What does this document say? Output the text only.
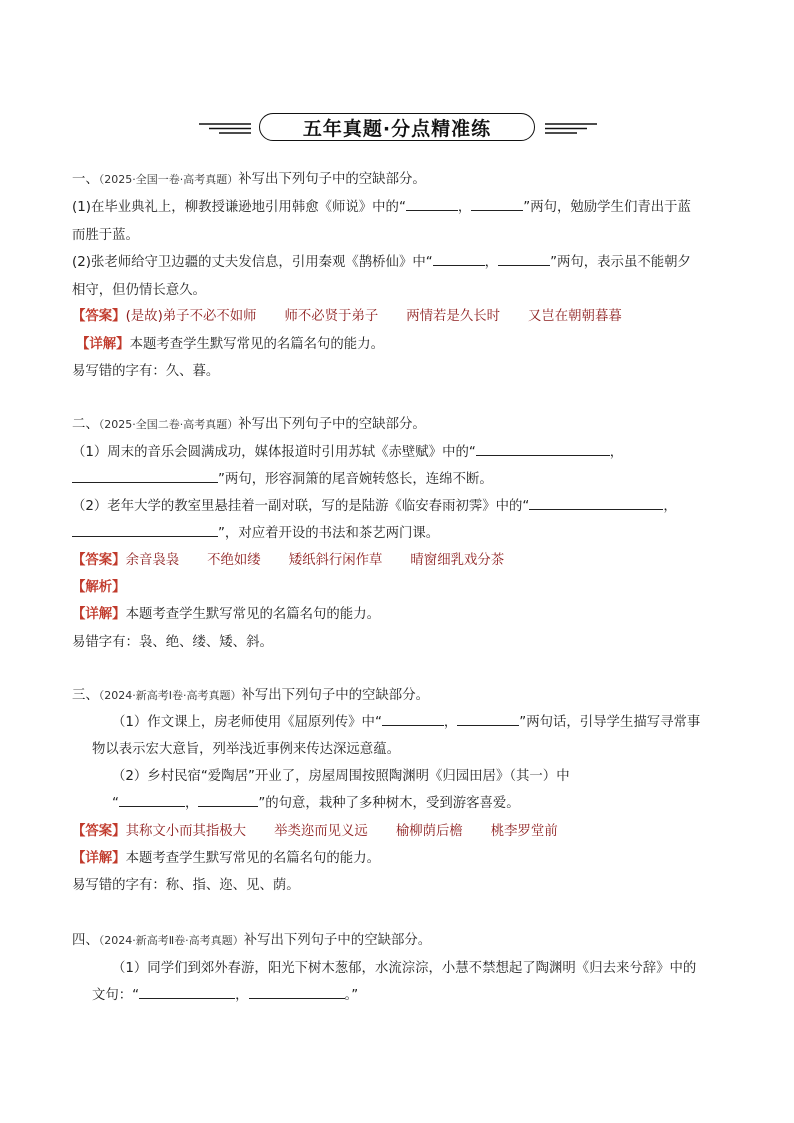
五年真题·分点精准练
一、（2025·全国一卷·高考真题）补写出下列句子中的空缺部分。
(1)在毕业典礼上，柳教授谦逊地引用韩愈《师说》中的“	，	”两句，勉励学生们青出于蓝
而胜于蓝。
(2)张老师给守卫边疆的丈夫发信息，引用秦观《鹊桥仙》中“	，	”两句，表示虽不能朝夕
相守，但仍情长意久。
【答案】(是故)弟子不必不如师 师不必贤于弟子 两情若是久长时 又岂在朝朝暮暮
【详解】本题考查学生默写常见的名篇名句的能力。
易写错的字有：久、暮。
二、（2025·全国二卷·高考真题）补写出下列句子中的空缺部分。
（1）周末的音乐会圆满成功，媒体报道时引用苏轼《赤壁赋》中的“	，
”两句，形容洞箫的尾音婉转悠长，连绵不断。
（2）老年大学的教室里悬挂着一副对联，写的是陆游《临安春雨初霁》中的“	，
”，对应着开设的书法和茶艺两门课。
【答案】余音袅袅 不绝如缕 矮纸斜行闲作草 晴窗细乳戏分茶
【解析】
【详解】本题考查学生默写常见的名篇名句的能力。
易错字有：袅、绝、缕、矮、斜。
三、（2024·新高考Ⅰ卷·高考真题）补写出下列句子中的空缺部分。
（1）作文课上，房老师使用《屈原列传》中“	，	”两句话，引导学生描写寻常事
物以表示宏大意旨，列举浅近事例来传达深远意蕴。
（2）乡村民宿“爱陶居”开业了，房屋周围按照陶渊明《归园田居》（其一）中
“	，	”的句意，栽种了多种树木，受到游客喜爱。
【答案】其称文小而其指极大 举类迩而见义远 榆柳荫后檐 桃李罗堂前
【详解】本题考查学生默写常见的名篇名句的能力。
易写错的字有：称、指、迩、见、荫。
四、（2024·新高考Ⅱ卷·高考真题）补写出下列句子中的空缺部分。
（1）同学们到郊外春游，阳光下树木葱郁，水流淙淙，小慧不禁想起了陶渊明《归去来兮辞》中的
文句：“	，	。”
